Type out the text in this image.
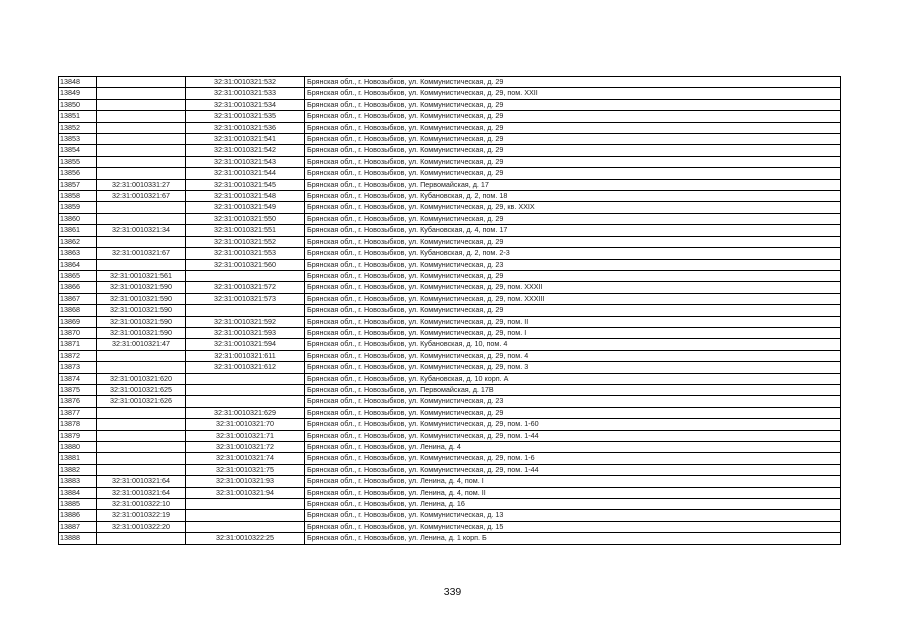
13848		32:31:0010321:532	Брянская обл., г. Новозыбков, ул. Коммунистическая, д. 29
13849		32:31:0010321:533	Брянская обл., г. Новозыбков, ул. Коммунистическая, д. 29, пом. XXII
13850		32:31:0010321:534	Брянская обл., г. Новозыбков, ул. Коммунистическая, д. 29
13851		32:31:0010321:535	Брянская обл., г. Новозыбков, ул. Коммунистическая, д. 29
13852		32:31:0010321:536	Брянская обл., г. Новозыбков, ул. Коммунистическая, д. 29
13853		32:31:0010321:541	Брянская обл., г. Новозыбков, ул. Коммунистическая, д. 29
13854		32:31:0010321:542	Брянская обл., г. Новозыбков, ул. Коммунистическая, д. 29
13855		32:31:0010321:543	Брянская обл., г. Новозыбков, ул. Коммунистическая, д. 29
13856		32:31:0010321:544	Брянская обл., г. Новозыбков, ул. Коммунистическая, д. 29
13857	32:31:0010331:27	32:31:0010321:545	Брянская обл., г. Новозыбков, ул. Первомайская, д. 17
13858	32:31:0010321:67	32:31:0010321:548	Брянская обл., г. Новозыбков, ул. Кубановская, д. 2, пом. 18
13859		32:31:0010321:549	Брянская обл., г. Новозыбков, ул. Коммунистическая, д. 29, кв. XXIX
13860		32:31:0010321:550	Брянская обл., г. Новозыбков, ул. Коммунистическая, д. 29
13861	32:31:0010321:34	32:31:0010321:551	Брянская обл., г. Новозыбков, ул. Кубановская, д. 4, пом. 17
13862		32:31:0010321:552	Брянская обл., г. Новозыбков, ул. Коммунистическая, д. 29
13863	32:31:0010321:67	32:31:0010321:553	Брянская обл., г. Новозыбков, ул. Кубановская, д. 2, пом. 2-3
13864		32:31:0010321:560	Брянская обл., г. Новозыбков, ул. Коммунистическая, д. 23
13865	32:31:0010321:561		Брянская обл., г. Новозыбков, ул. Коммунистическая, д. 29
13866	32:31:0010321:590	32:31:0010321:572	Брянская обл., г. Новозыбков, ул. Коммунистическая, д. 29, пом. XXXII
13867	32:31:0010321:590	32:31:0010321:573	Брянская обл., г. Новозыбков, ул. Коммунистическая, д. 29, пом. XXXIII
13868	32:31:0010321:590		Брянская обл., г. Новозыбков, ул. Коммунистическая, д. 29
13869	32:31:0010321:590	32:31:0010321:592	Брянская обл., г. Новозыбков, ул. Коммунистическая, д. 29, пом. II
13870	32:31:0010321:590	32:31:0010321:593	Брянская обл., г. Новозыбков, ул. Коммунистическая, д. 29, пом. I
13871	32:31:0010321:47	32:31:0010321:594	Брянская обл., г. Новозыбков, ул. Кубановская, д. 10, пом. 4
13872		32:31:0010321:611	Брянская обл., г. Новозыбков, ул. Коммунистическая, д. 29, пом. 4
13873		32:31:0010321:612	Брянская обл., г. Новозыбков, ул. Коммунистическая, д. 29, пом. 3
13874	32:31:0010321:620		Брянская обл., г. Новозыбков, ул. Кубановская, д. 10 корп. А
13875	32:31:0010321:625		Брянская обл., г. Новозыбков, ул. Первомайская, д. 17В
13876	32:31:0010321:626		Брянская обл., г. Новозыбков, ул. Коммунистическая, д. 23
13877		32:31:0010321:629	Брянская обл., г. Новозыбков, ул. Коммунистическая, д. 29
13878		32:31:0010321:70	Брянская обл., г. Новозыбков, ул. Коммунистическая, д. 29, пом. 1-60
13879		32:31:0010321:71	Брянская обл., г. Новозыбков, ул. Коммунистическая, д. 29, пом. 1-44
13880		32:31:0010321:72	Брянская обл., г. Новозыбков, ул. Ленина, д. 4
13881		32:31:0010321:74	Брянская обл., г. Новозыбков, ул. Коммунистическая, д. 29, пом. 1-6
13882		32:31:0010321:75	Брянская обл., г. Новозыбков, ул. Коммунистическая, д. 29, пом. 1-44
13883	32:31:0010321:64	32:31:0010321:93	Брянская обл., г. Новозыбков, ул. Ленина, д. 4, пом. I
13884	32:31:0010321:64	32:31:0010321:94	Брянская обл., г. Новозыбков, ул. Ленина, д. 4, пом. II
13885	32:31:0010322:10		Брянская обл., г. Новозыбков, ул. Ленина, д. 16
13886	32:31:0010322:19		Брянская обл., г. Новозыбков, ул. Коммунистическая, д. 13
13887	32:31:0010322:20		Брянская обл., г. Новозыбков, ул. Коммунистическая, д. 15
13888		32:31:0010322:25	Брянская обл., г. Новозыбков, ул. Ленина, д. 1 корп. Б
339
